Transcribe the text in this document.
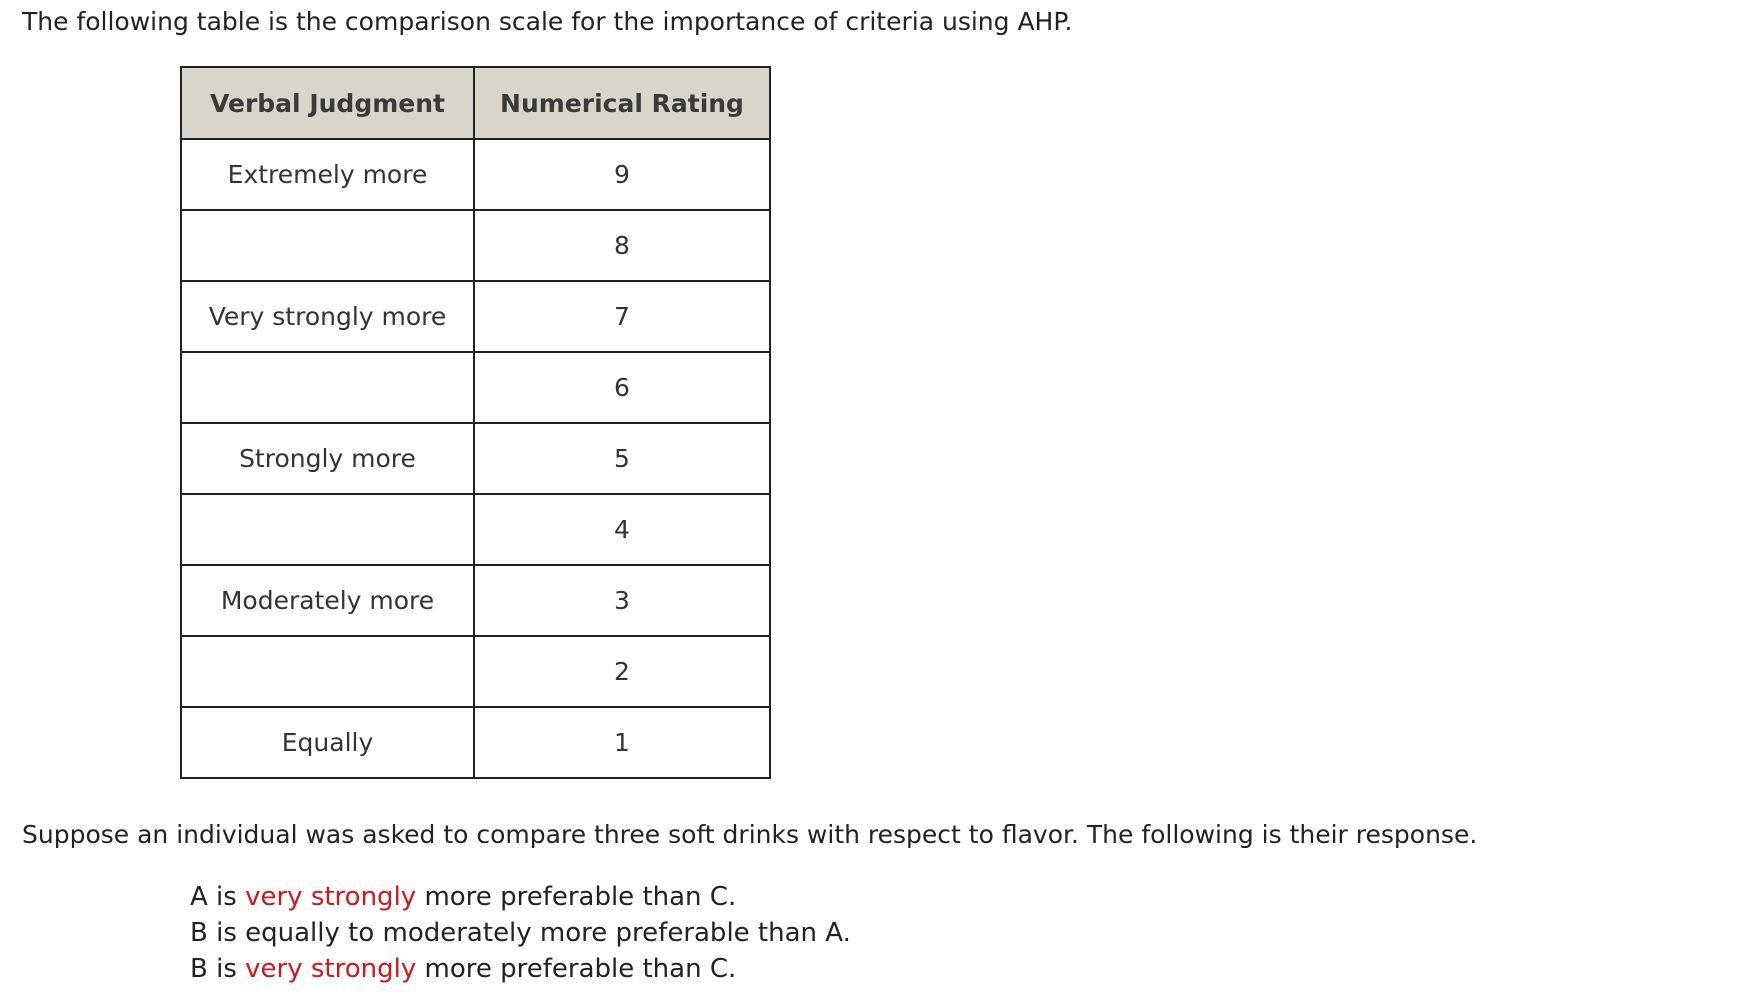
The following table is the comparison scale for the importance of criteria using AHP.

Verbal Judgment	Numerical Rating
Extremely more	9
	8
Very strongly more	7
	6
Strongly more	5
	4
Moderately more	3
	2
Equally	1

Suppose an individual was asked to compare three soft drinks with respect to flavor. The following is their response.

A is very strongly more preferable than C.
B is equally to moderately more preferable than A.
B is very strongly more preferable than C.
